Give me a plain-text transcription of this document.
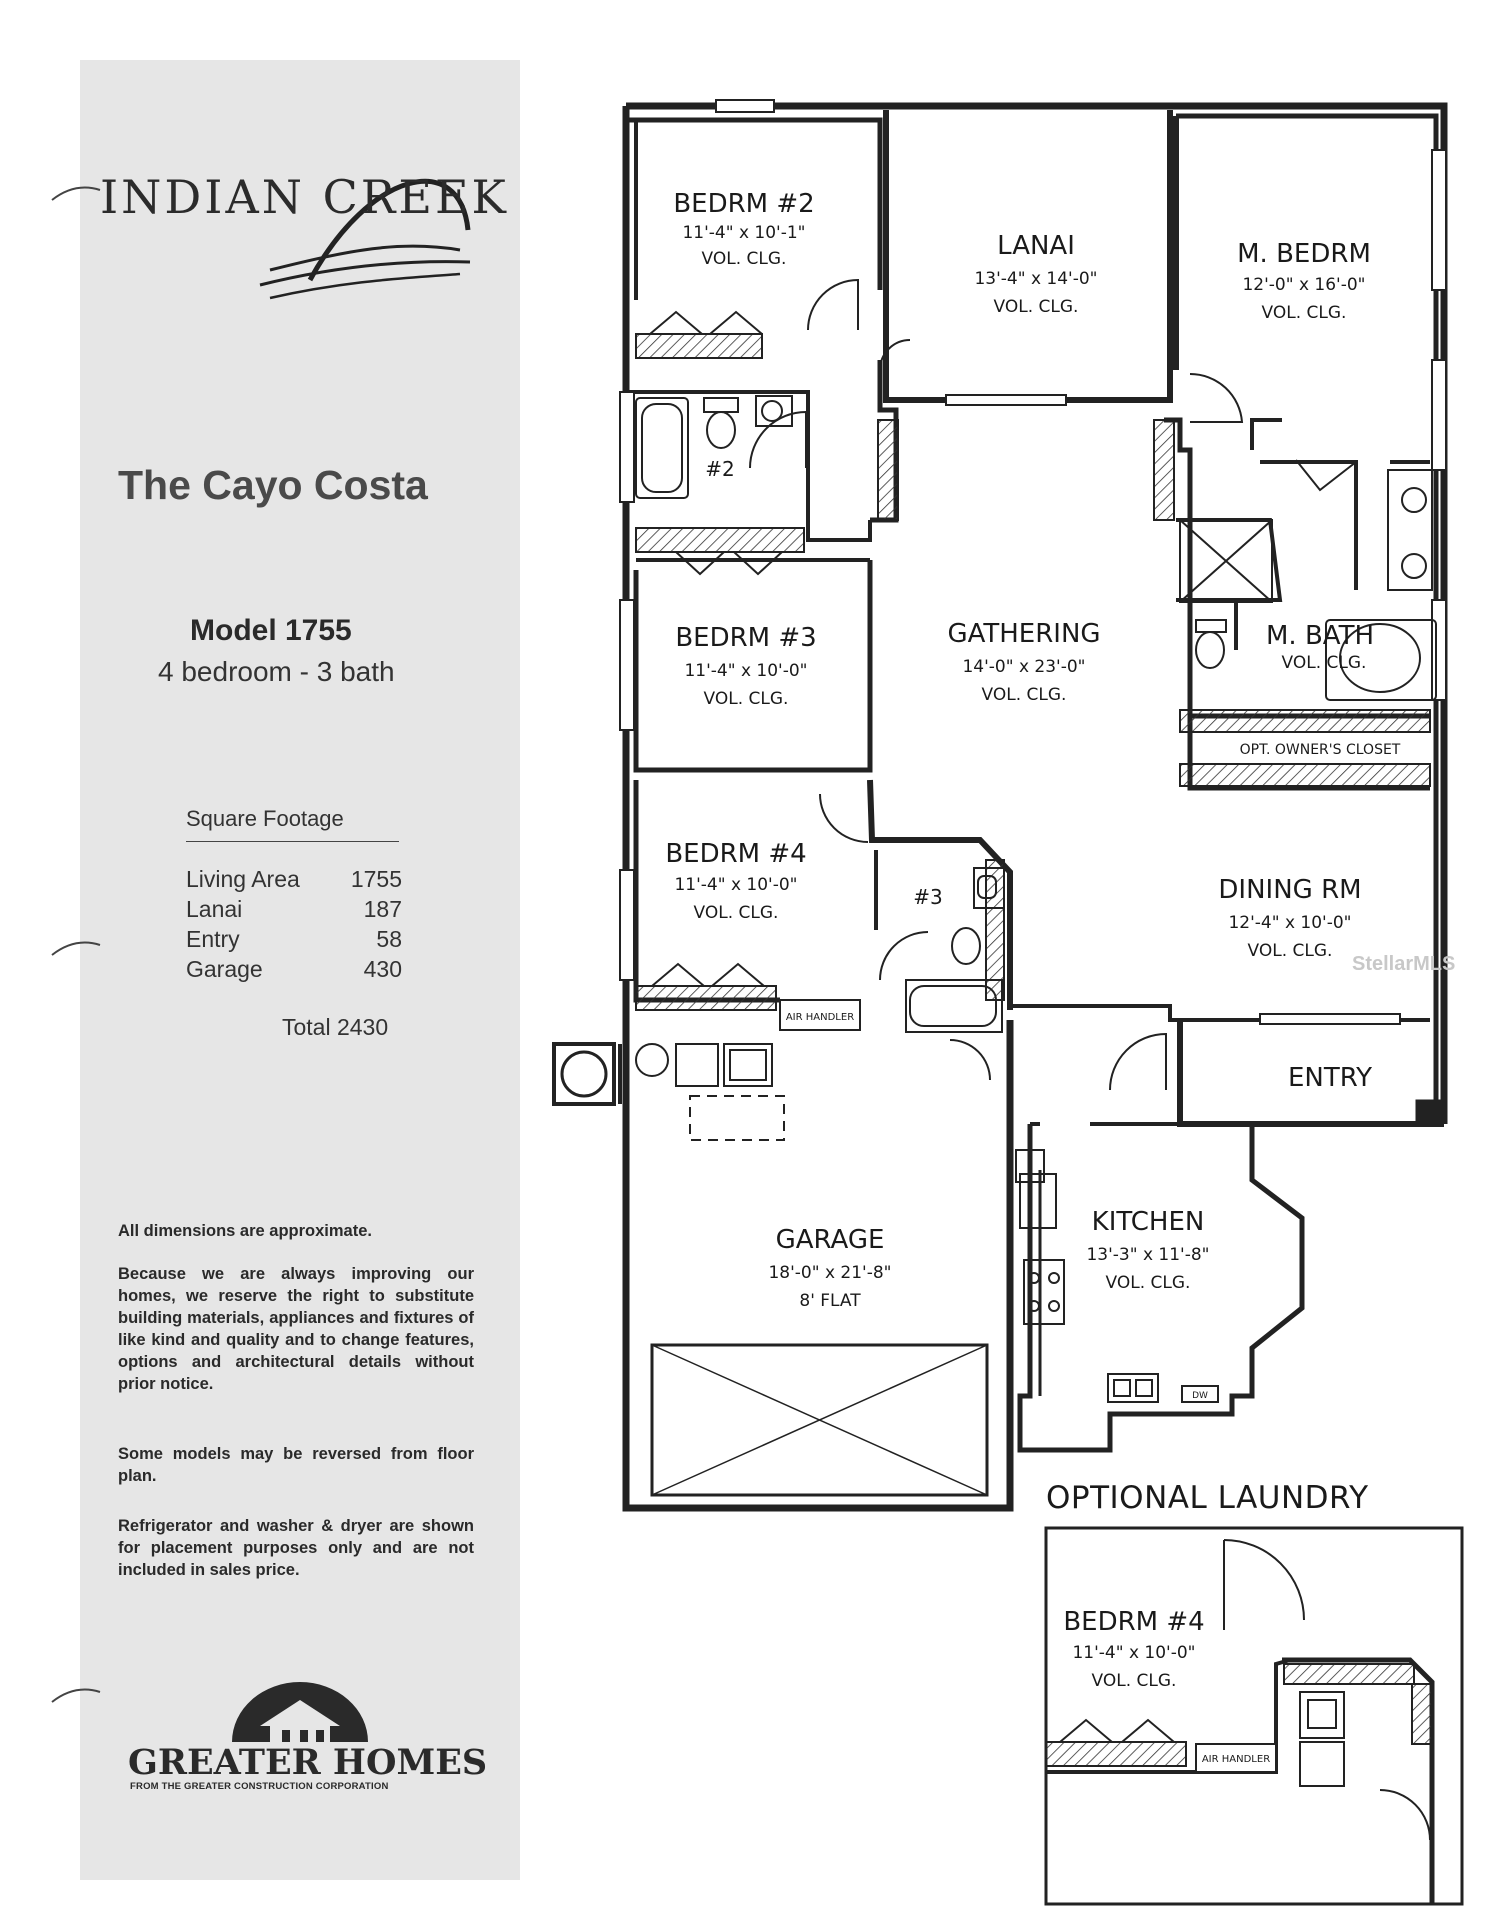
INDIAN CREEK
The Cayo Costa
Model 1755
4 bedroom - 3 bath
Square Footage
Living Area 1755
Lanai	187
Entry	58
Garage	430
Total 2430
All dimensions are approximate.
Because we are always improving our homes, we reserve the right to substitute building materials, appliances and fixtures of like kind and quality and to change features, options and architectural details without prior notice.
Some models may be reversed from floor plan.
Refrigerator and washer & dryer are shown for placement purposes only and are not included in sales price.
GREATER HOMES
FROM THE GREATER CONSTRUCTION CORPORATION
BEDRM #2
11'-4" x 10'-1"
VOL. CLG.	LANAI
13'-4" x 14'-0"
VOL. CLG.
M. BEDRM
12'-0" x 16'-0"
VOL. CLG.
#2
BEDRM #3
11'-4" x 10'-0"
VOL. CLG.
GATHERING
14'-0" x 23'-0"
VOL. CLG.
M. BATH
VOL. CLG.
OPT. OWNER'S CLOSET
BEDRM #4
11'-4" x 10'-0"
VOL. CLG.
#3	DINING RM
12'-4" x 10'-0"
VOL. CLG.
AIR HANDLER
ENTRY
GARAGE
18'-0" x 21'-8"
8' FLAT
KITCHEN
13'-3" x 11'-8"
VOL. CLG.
DW
BEDRM #4
11'-4" x 10'-0"
VOL. CLG.
AIR HANDLER
OPTIONAL LAUNDRY
StellarMLS
